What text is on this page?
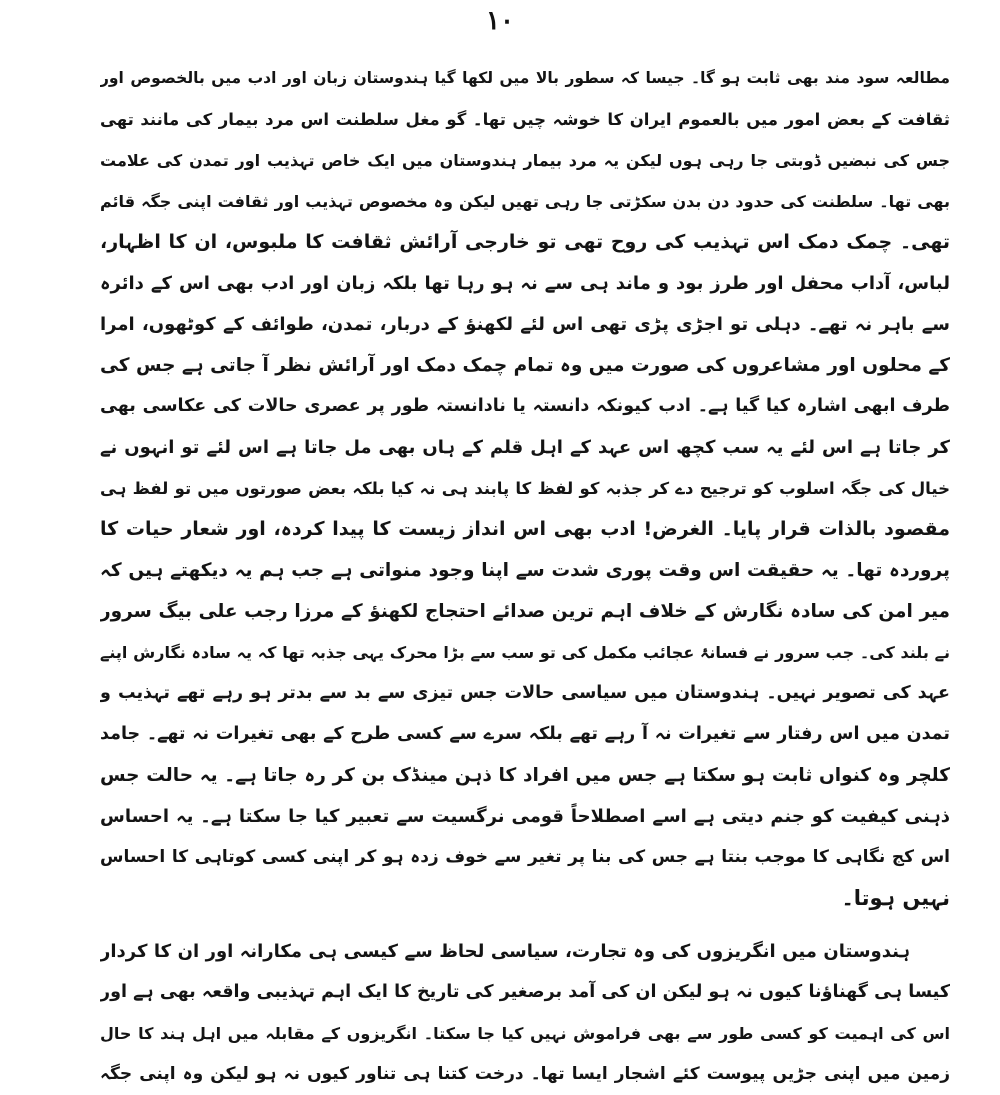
۱۰
مطالعہ سود مند بھی ثابت ہو گا۔ جیسا کہ سطور بالا میں لکھا گیا ہندوستان زبان اور ادب میں بالخصوص اور
ثقافت کے بعض امور میں بالعموم ایران کا خوشہ چیں تھا۔ گو مغل سلطنت اس مرد بیمار کی مانند تھی
جس کی نبضیں ڈوبتی جا رہی ہوں لیکن یہ مرد بیمار ہندوستان میں ایک خاص تہذیب اور تمدن کی علامت
بھی تھا۔ سلطنت کی حدود دن بدن سکڑتی جا رہی تھیں لیکن وہ مخصوص تہذیب اور ثقافت اپنی جگہ قائم
تھی۔ چمک دمک اس تہذیب کی روح تھی تو خارجی آرائش ثقافت کا ملبوس، ان کا اظہار،
لباس، آداب محفل اور طرز بود و ماند ہی سے نہ ہو رہا تھا بلکہ زبان اور ادب بھی اس کے دائرہ
سے باہر نہ تھے۔ دہلی تو اجڑی پڑی تھی اس لئے لکھنؤ کے دربار، تمدن، طوائف کے کوٹھوں، امرا
کے محلوں اور مشاعروں کی صورت میں وہ تمام چمک دمک اور آرائش نظر آ جاتی ہے جس کی
طرف ابھی اشارہ کیا گیا ہے۔ ادب کیونکہ دانستہ یا نادانستہ طور پر عصری حالات کی عکاسی بھی
کر جاتا ہے اس لئے یہ سب کچھ اس عہد کے اہل قلم کے ہاں بھی مل جاتا ہے اس لئے تو انہوں نے
خیال کی جگہ اسلوب کو ترجیح دے کر جذبہ کو لفظ کا پابند ہی نہ کیا بلکہ بعض صورتوں میں تو لفظ ہی
مقصود بالذات قرار پایا۔ الغرض! ادب بھی اس انداز زیست کا پیدا کردہ، اور شعار حیات کا
پروردہ تھا۔ یہ حقیقت اس وقت پوری شدت سے اپنا وجود منواتی ہے جب ہم یہ دیکھتے ہیں کہ
میر امن کی سادہ نگارش کے خلاف اہم ترین صدائے احتجاج لکھنؤ کے مرزا رجب علی بیگ سرور
نے بلند کی۔ جب سرور نے فسانۂ عجائب مکمل کی تو سب سے بڑا محرک یہی جذبہ تھا کہ یہ سادہ نگارش اپنے
عہد کی تصویر نہیں۔ ہندوستان میں سیاسی حالات جس تیزی سے بد سے بدتر ہو رہے تھے تہذیب و
تمدن میں اس رفتار سے تغیرات نہ آ رہے تھے بلکہ سرے سے کسی طرح کے بھی تغیرات نہ تھے۔ جامد
کلچر وہ کنواں ثابت ہو سکتا ہے جس میں افراد کا ذہن مینڈک بن کر رہ جاتا ہے۔ یہ حالت جس
ذہنی کیفیت کو جنم دیتی ہے اسے اصطلاحاً قومی نرگسیت سے تعبیر کیا جا سکتا ہے۔ یہ احساس
اس کج نگاہی کا موجب بنتا ہے جس کی بنا پر تغیر سے خوف زدہ ہو کر اپنی کسی کوتاہی کا احساس
نہیں ہوتا۔
ہندوستان میں انگریزوں کی وہ تجارت، سیاسی لحاظ سے کیسی ہی مکارانہ اور ان کا کردار
کیسا ہی گھناؤنا کیوں نہ ہو لیکن ان کی آمد برصغیر کی تاریخ کا ایک اہم تہذیبی واقعہ بھی ہے اور
اس کی اہمیت کو کسی طور سے بھی فراموش نہیں کیا جا سکتا۔ انگریزوں کے مقابلہ میں اہل ہند کا حال
زمین میں اپنی جڑیں پیوست کئے اشجار ایسا تھا۔ درخت کتنا ہی تناور کیوں نہ ہو لیکن وہ اپنی جگہ
